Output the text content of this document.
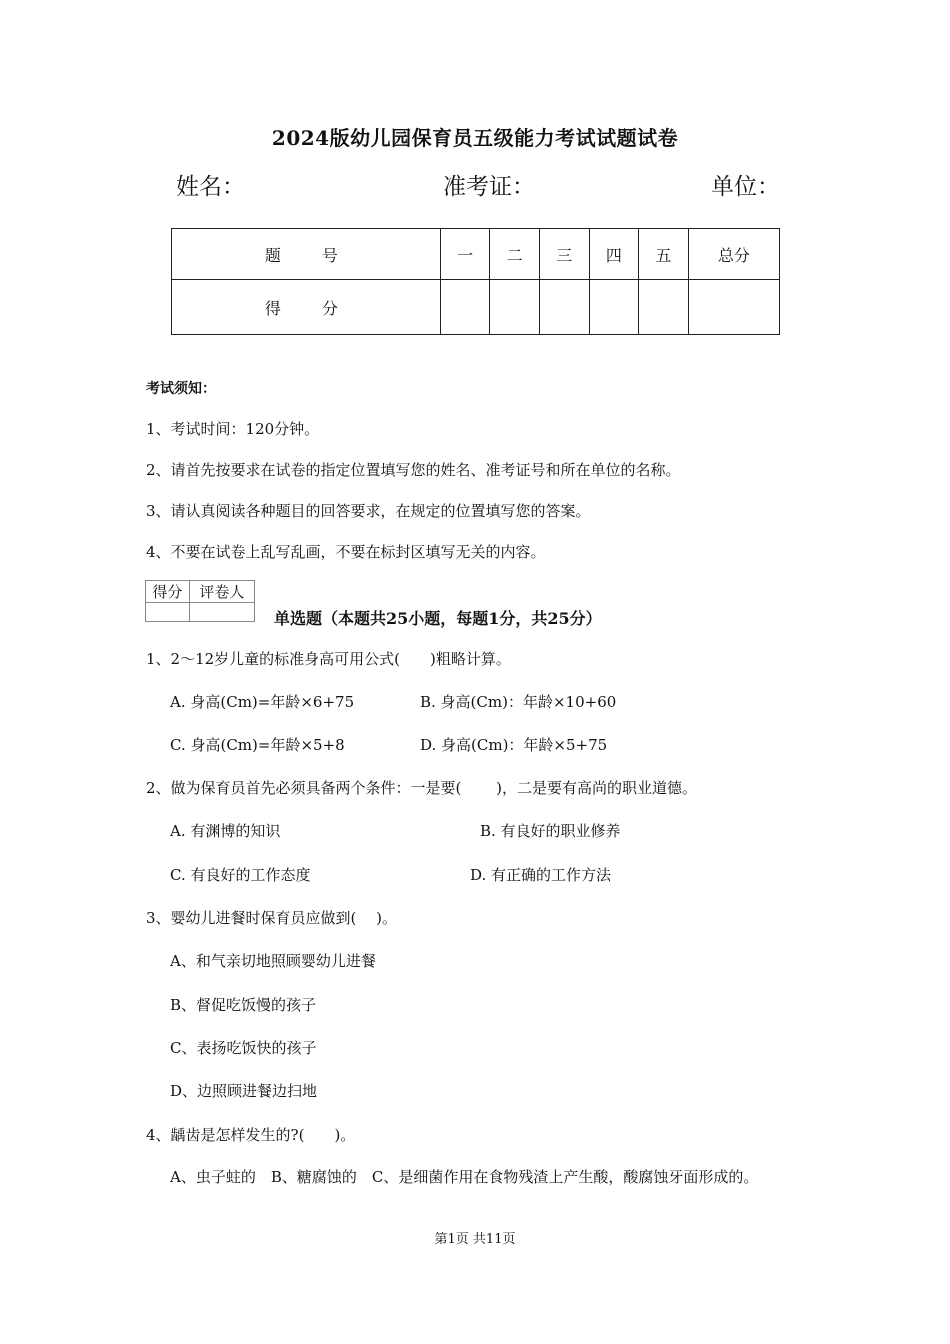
2024版幼儿园保育员五级能力考试试题试卷
姓名：	准考证：	单位：
题 号	一	二	三	四	五	总分
得 分						
考试须知：
1、考试时间：120分钟。
2、请首先按要求在试卷的指定位置填写您的姓名、准考证号和所在单位的名称。
3、请认真阅读各种题目的回答要求，在规定的位置填写您的答案。
4、不要在试卷上乱写乱画，不要在标封区填写无关的内容。
得分	评卷人

单选题（本题共25小题，每题1分，共25分）
1、2～12岁儿童的标准身高可用公式(　　)粗略计算。
A. 身高(Cm)=年龄×6+75	B. 身高(Cm)：年龄×10+60
C. 身高(Cm)=年龄×5+8	D. 身高(Cm)：年龄×5+75
2、做为保育员首先必须具备两个条件：一是要(　　 )，二是要有高尚的职业道德。
A. 有渊博的知识	B. 有良好的职业修养
C. 有良好的工作态度	D. 有正确的工作方法
3、婴幼儿进餐时保育员应做到(　 )。
A、和气亲切地照顾婴幼儿进餐
B、督促吃饭慢的孩子
C、表扬吃饭快的孩子
D、边照顾进餐边扫地
4、龋齿是怎样发生的?(　　)。
A、虫子蛀的　B、糖腐蚀的　C、是细菌作用在食物残渣上产生酸，酸腐蚀牙面形成的。
第1页 共11页
